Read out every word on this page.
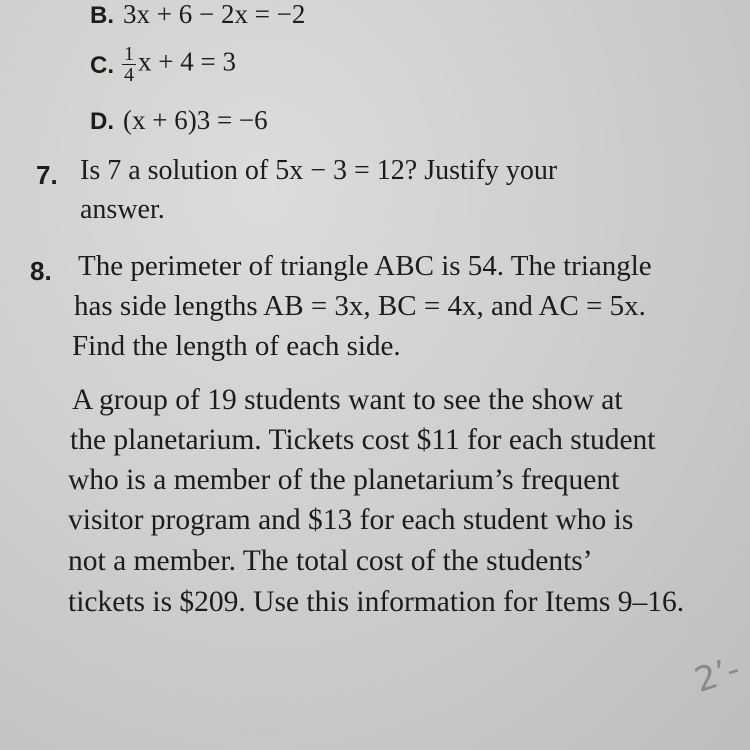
B. 3x + 6 − 2x = −2
C. $\frac{1}{4}$ x + 4 = 3
D. (x + 6)3 = −6
7. Is 7 a solution of 5x − 3 = 12? Justify your
answer.
8. The perimeter of triangle ABC is 54. The triangle
has side lengths AB = 3x, BC = 4x, and AC = 5x.
Find the length of each side.
A group of 19 students want to see the show at
the planetarium. Tickets cost $11 for each student
who is a member of the planetarium’s frequent
visitor program and $13 for each student who is
not a member. The total cost of the students’
tickets is $209. Use this information for Items 9–16.
2’-
